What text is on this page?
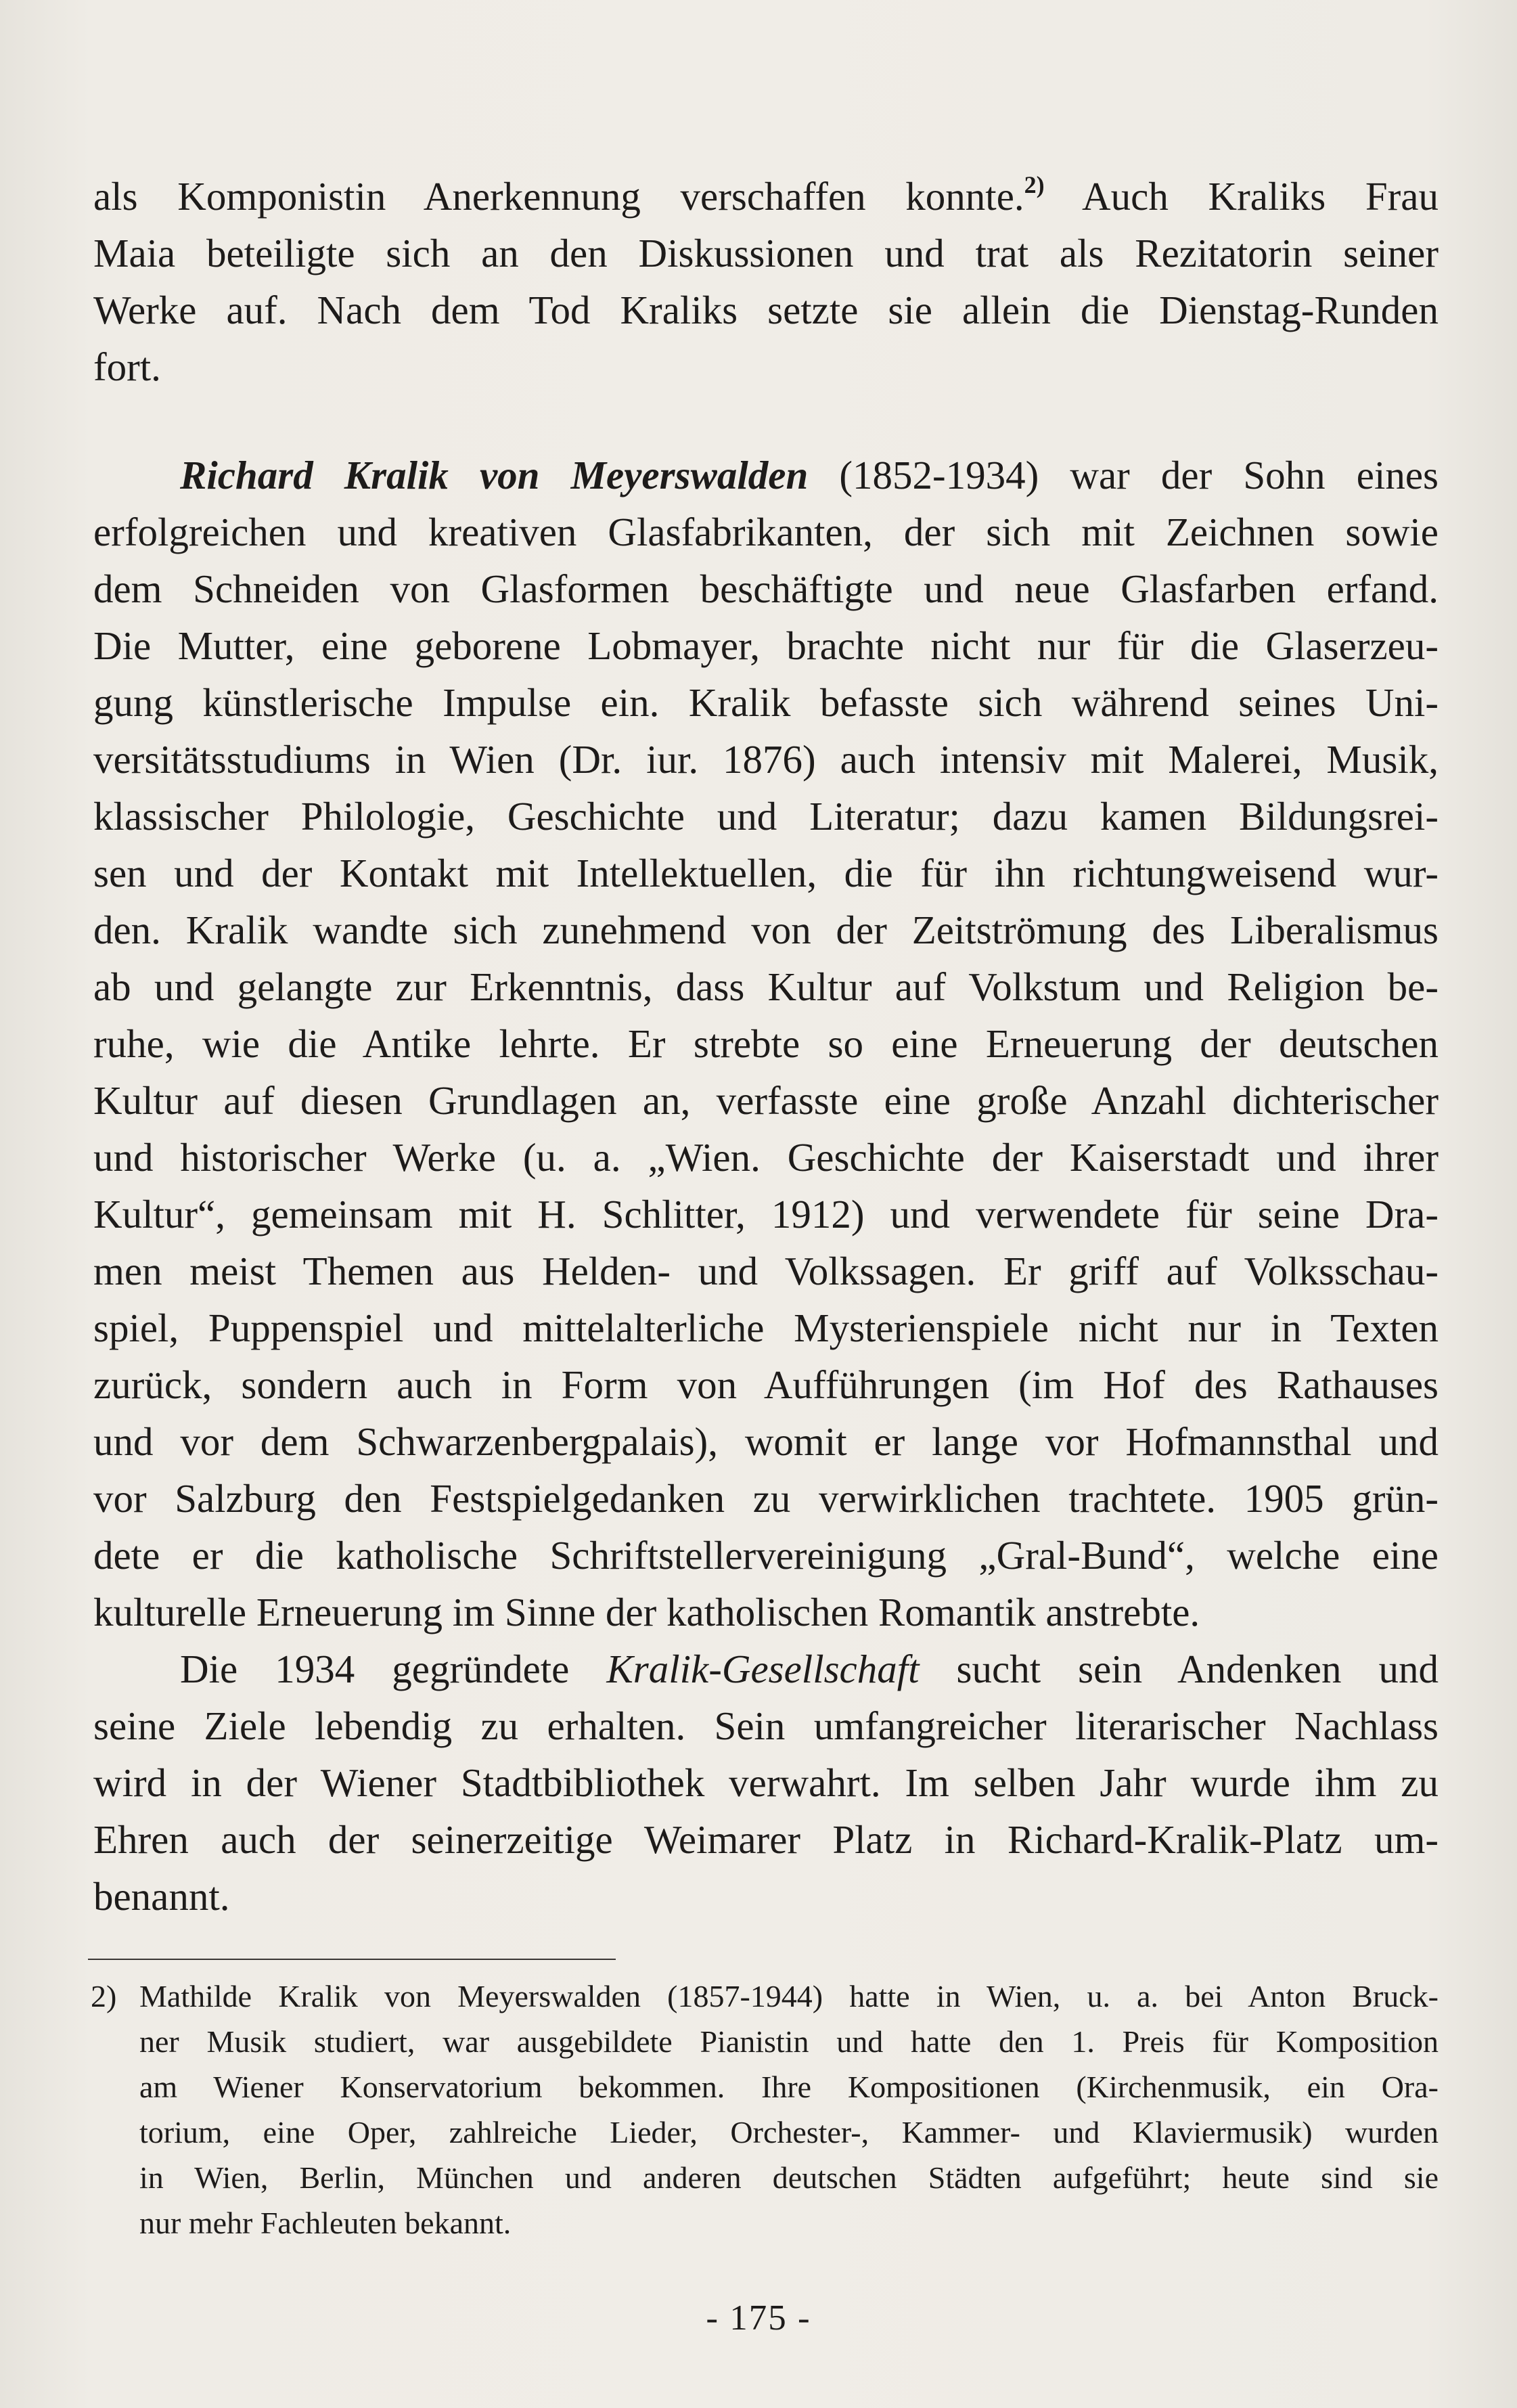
als Komponistin Anerkennung verschaffen konnte.$^{2)}$ Auch Kraliks Frau
Maia beteiligte sich an den Diskussionen und trat als Rezitatorin seiner
Werke auf. Nach dem Tod Kraliks setzte sie allein die Dienstag-Runden
fort.
Richard Kralik von Meyerswalden (1852-1934) war der Sohn eines
erfolgreichen und kreativen Glasfabrikanten, der sich mit Zeichnen sowie
dem Schneiden von Glasformen beschäftigte und neue Glasfarben erfand.
Die Mutter, eine geborene Lobmayer, brachte nicht nur für die Glaserzeu-
gung künstlerische Impulse ein. Kralik befasste sich während seines Uni-
versitätsstudiums in Wien (Dr. iur. 1876) auch intensiv mit Malerei, Musik,
klassischer Philologie, Geschichte und Literatur; dazu kamen Bildungsrei-
sen und der Kontakt mit Intellektuellen, die für ihn richtungweisend wur-
den. Kralik wandte sich zunehmend von der Zeitströmung des Liberalismus
ab und gelangte zur Erkenntnis, dass Kultur auf Volkstum und Religion be-
ruhe, wie die Antike lehrte. Er strebte so eine Erneuerung der deutschen
Kultur auf diesen Grundlagen an, verfasste eine große Anzahl dichterischer
und historischer Werke (u. a. „Wien. Geschichte der Kaiserstadt und ihrer
Kultur“, gemeinsam mit H. Schlitter, 1912) und verwendete für seine Dra-
men meist Themen aus Helden- und Volkssagen. Er griff auf Volksschau-
spiel, Puppenspiel und mittelalterliche Mysterienspiele nicht nur in Texten
zurück, sondern auch in Form von Aufführungen (im Hof des Rathauses
und vor dem Schwarzenbergpalais), womit er lange vor Hofmannsthal und
vor Salzburg den Festspielgedanken zu verwirklichen trachtete. 1905 grün-
dete er die katholische Schriftstellervereinigung „Gral-Bund“, welche eine
kulturelle Erneuerung im Sinne der katholischen Romantik anstrebte.
Die 1934 gegründete Kralik-Gesellschaft sucht sein Andenken und
seine Ziele lebendig zu erhalten. Sein umfangreicher literarischer Nachlass
wird in der Wiener Stadtbibliothek verwahrt. Im selben Jahr wurde ihm zu
Ehren auch der seinerzeitige Weimarer Platz in Richard-Kralik-Platz um-
benannt.
2) Mathilde Kralik von Meyerswalden (1857-1944) hatte in Wien, u. a. bei Anton Bruck-
ner Musik studiert, war ausgebildete Pianistin und hatte den 1. Preis für Komposition
am Wiener Konservatorium bekommen. Ihre Kompositionen (Kirchenmusik, ein Ora-
torium, eine Oper, zahlreiche Lieder, Orchester-, Kammer- und Klaviermusik) wurden
in Wien, Berlin, München und anderen deutschen Städten aufgeführt; heute sind sie
nur mehr Fachleuten bekannt.
- 175 -
